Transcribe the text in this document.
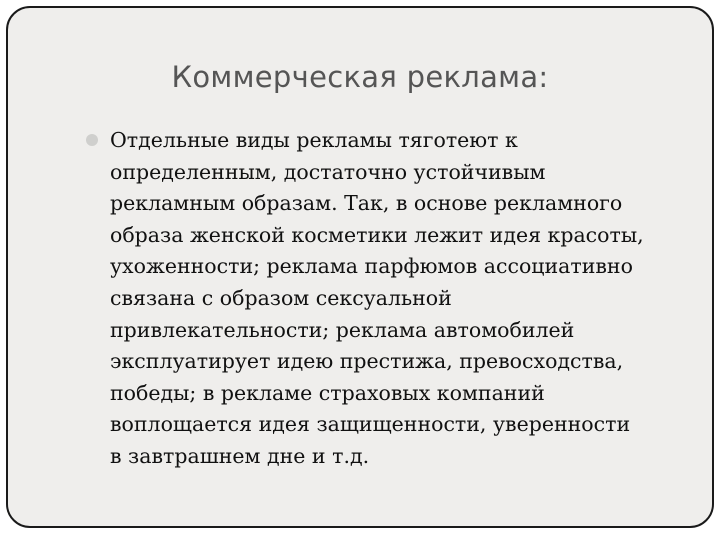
Коммерческая реклама:

Отдельные виды рекламы тяготеют к
определенным, достаточно устойчивым
рекламным образам. Так, в основе рекламного
образа женской косметики лежит идея красоты,
ухоженности; реклама парфюмов ассоциативно
связана с образом сексуальной
привлекательности; реклама автомобилей
эксплуатирует идею престижа, превосходства,
победы; в рекламе страховых компаний
воплощается идея защищенности, уверенности
в завтрашнем дне и т.д.
